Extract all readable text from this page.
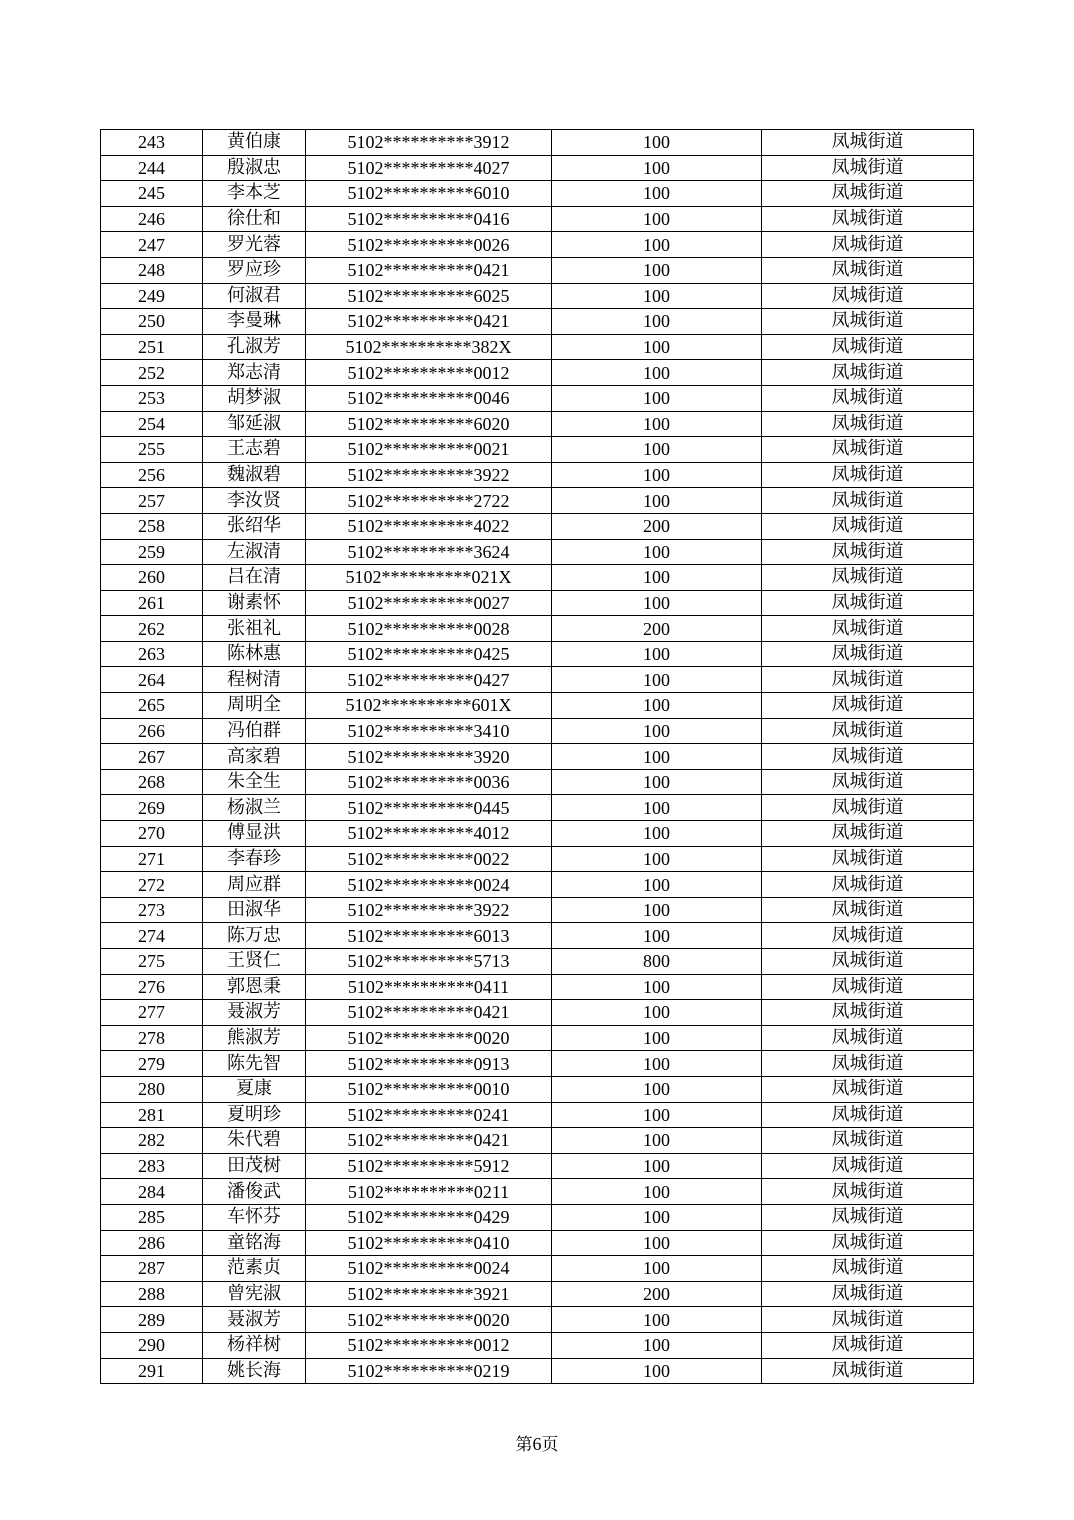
243	黄伯康	5102**********3912	100	凤城街道
244	殷淑忠	5102**********4027	100	凤城街道
245	李本芝	5102**********6010	100	凤城街道
246	徐仕和	5102**********0416	100	凤城街道
247	罗光蓉	5102**********0026	100	凤城街道
248	罗应珍	5102**********0421	100	凤城街道
249	何淑君	5102**********6025	100	凤城街道
250	李曼琳	5102**********0421	100	凤城街道
251	孔淑芳	5102**********382X	100	凤城街道
252	郑志清	5102**********0012	100	凤城街道
253	胡梦淑	5102**********0046	100	凤城街道
254	邹延淑	5102**********6020	100	凤城街道
255	王志碧	5102**********0021	100	凤城街道
256	魏淑碧	5102**********3922	100	凤城街道
257	李汝贤	5102**********2722	100	凤城街道
258	张绍华	5102**********4022	200	凤城街道
259	左淑清	5102**********3624	100	凤城街道
260	吕在清	5102**********021X	100	凤城街道
261	谢素怀	5102**********0027	100	凤城街道
262	张祖礼	5102**********0028	200	凤城街道
263	陈林惠	5102**********0425	100	凤城街道
264	程树清	5102**********0427	100	凤城街道
265	周明全	5102**********601X	100	凤城街道
266	冯伯群	5102**********3410	100	凤城街道
267	高家碧	5102**********3920	100	凤城街道
268	朱全生	5102**********0036	100	凤城街道
269	杨淑兰	5102**********0445	100	凤城街道
270	傅显洪	5102**********4012	100	凤城街道
271	李春珍	5102**********0022	100	凤城街道
272	周应群	5102**********0024	100	凤城街道
273	田淑华	5102**********3922	100	凤城街道
274	陈万忠	5102**********6013	100	凤城街道
275	王贤仁	5102**********5713	800	凤城街道
276	郭恩秉	5102**********0411	100	凤城街道
277	聂淑芳	5102**********0421	100	凤城街道
278	熊淑芳	5102**********0020	100	凤城街道
279	陈先智	5102**********0913	100	凤城街道
280	夏康	5102**********0010	100	凤城街道
281	夏明珍	5102**********0241	100	凤城街道
282	朱代碧	5102**********0421	100	凤城街道
283	田茂树	5102**********5912	100	凤城街道
284	潘俊武	5102**********0211	100	凤城街道
285	车怀芬	5102**********0429	100	凤城街道
286	童铭海	5102**********0410	100	凤城街道
287	范素贞	5102**********0024	100	凤城街道
288	曾宪淑	5102**********3921	200	凤城街道
289	聂淑芳	5102**********0020	100	凤城街道
290	杨祥树	5102**********0012	100	凤城街道
291	姚长海	5102**********0219	100	凤城街道
第6页
